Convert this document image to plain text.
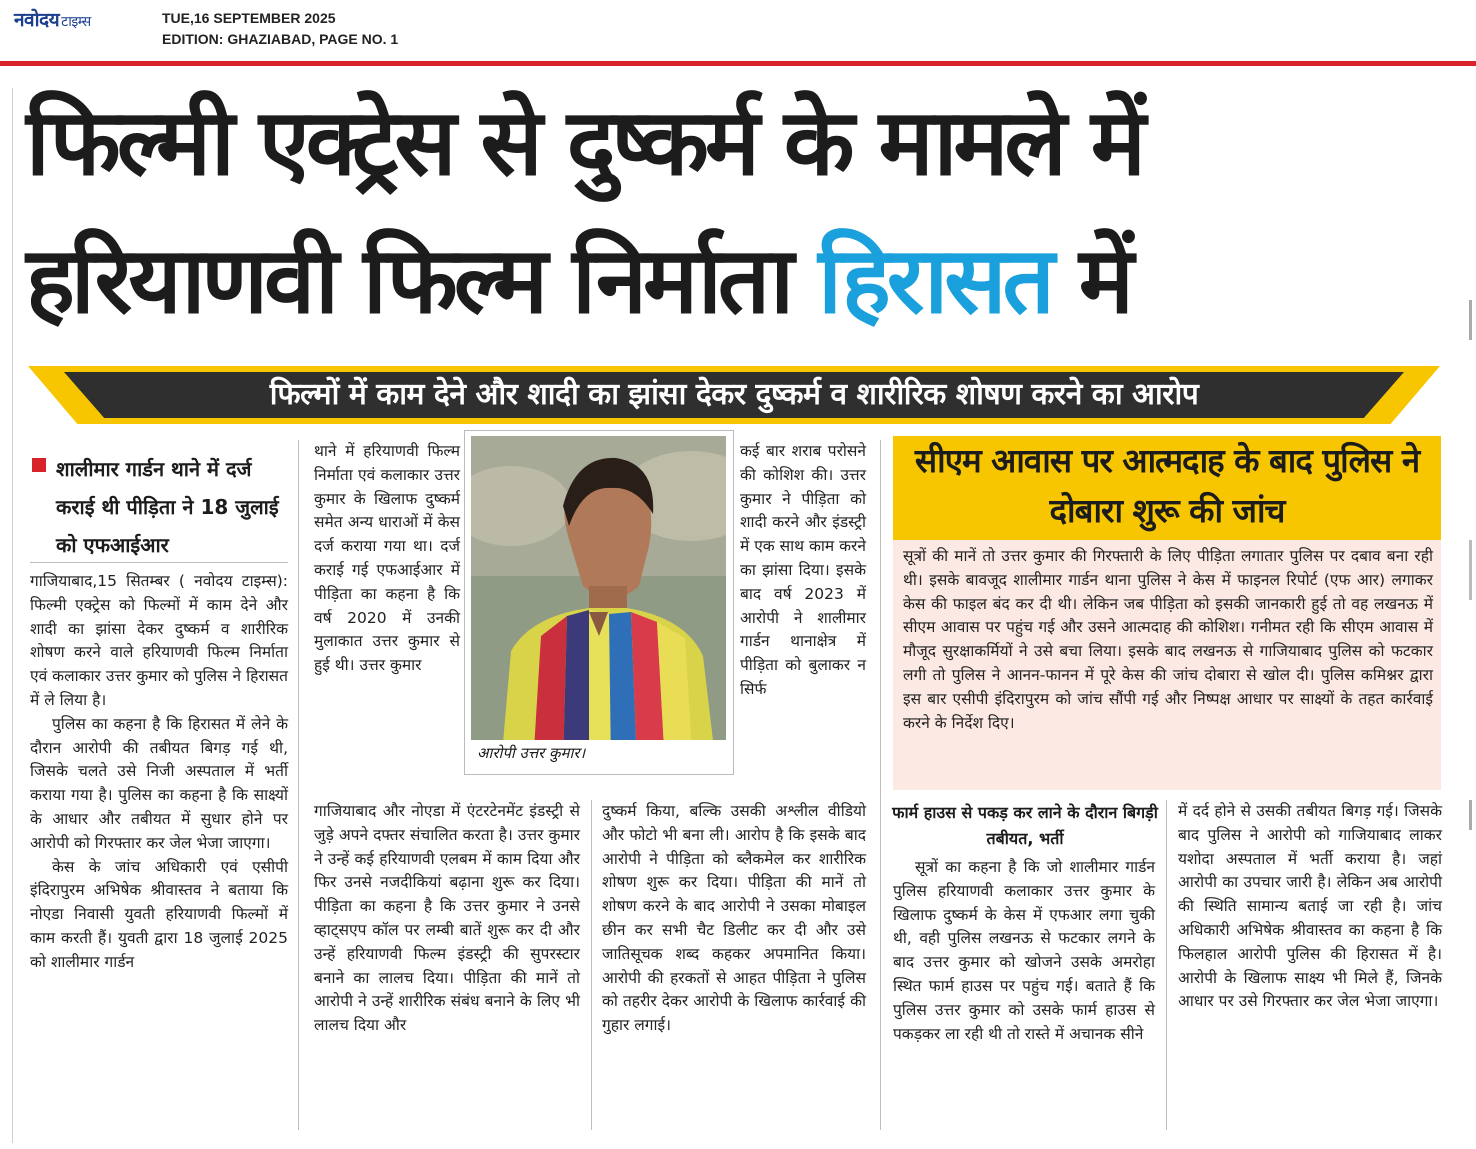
नवोदय टाइम्स	TUE,16 SEPTEMBER 2025
EDITION: GHAZIABAD, PAGE NO. 1
फिल्मी एक्ट्रेस से दुष्कर्म के मामले में
हरियाणवी फिल्म निर्माता हिरासत में
फिल्मों में काम देने और शादी का झांसा देकर दुष्कर्म व शारीरिक शोषण करने का आरोप
शालीमार गार्डन थाने में दर्ज कराई थी पीड़िता ने 18 जुलाई को एफआईआर

गाजियाबाद,15 सितम्बर ( नवोदय टाइम्स): फिल्मी एक्ट्रेस को फिल्मों में काम देने और शादी का झांसा देकर दुष्कर्म व शारीरिक शोषण करने वाले हरियाणवी फिल्म निर्माता एवं कलाकार उत्तर कुमार को पुलिस ने हिरासत में ले लिया है।

पुलिस का कहना है कि हिरासत में लेने के दौरान आरोपी की तबीयत बिगड़ गई थी, जिसके चलते उसे निजी अस्पताल में भर्ती कराया गया है। पुलिस का कहना है कि साक्ष्यों के आधार और तबीयत में सुधार होने पर आरोपी को गिरफ्तार कर जेल भेजा जाएगा।

केस के जांच अधिकारी एवं एसीपी इंदिरापुरम अभिषेक श्रीवास्तव ने बताया कि नोएडा निवासी युवती हरियाणवी फिल्मों में काम करती हैं। युवती द्वारा 18 जुलाई 2025 को शालीमार गार्डन

थाने में हरियाणवी फिल्म निर्माता एवं कलाकार उत्तर कुमार के खिलाफ दुष्कर्म समेत अन्य धाराओं में केस दर्ज कराया गया था। दर्ज कराई गई एफआईआर में पीड़िता का कहना है कि वर्ष 2020 में उनकी मुलाकात उत्तर कुमार से हुई थी। उत्तर कुमार

आरोपी उत्तर कुमार।

कई बार शराब परोसने की कोशिश की। उत्तर कुमार ने पीड़िता को शादी करने और इंडस्ट्री में एक साथ काम करने का झांसा दिया। इसके बाद वर्ष 2023 में आरोपी ने शालीमार गार्डन थानाक्षेत्र में पीड़िता को बुलाकर न सिर्फ

गाजियाबाद और नोएडा में एंटरटेनमेंट इंडस्ट्री से जुड़े अपने दफ्तर संचालित करता है। उत्तर कुमार ने उन्हें कई हरियाणवी एलबम में काम दिया और फिर उनसे नजदीकियां बढ़ाना शुरू कर दिया। पीड़िता का कहना है कि उत्तर कुमार ने उनसे व्हाट्सएप कॉल पर लम्बी बातें शुरू कर दी और उन्हें हरियाणवी फिल्म इंडस्ट्री की सुपरस्टार बनाने का लालच दिया। पीड़िता की मानें तो आरोपी ने उन्हें शारीरिक संबंध बनाने के लिए भी लालच दिया और

दुष्कर्म किया, बल्कि उसकी अश्लील वीडियो और फोटो भी बना ली। आरोप है कि इसके बाद आरोपी ने पीड़िता को ब्लैकमेल कर शारीरिक शोषण शुरू कर दिया। पीड़िता की मानें तो शोषण करने के बाद आरोपी ने उसका मोबाइल छीन कर सभी चैट डिलीट कर दी और उसे जातिसूचक शब्द कहकर अपमानित किया। आरोपी की हरकतों से आहत पीड़िता ने पुलिस को तहरीर देकर आरोपी के खिलाफ कार्रवाई की गुहार लगाई।

सीएम आवास पर आत्मदाह के बाद पुलिस ने दोबारा शुरू की जांच

सूत्रों की मानें तो उत्तर कुमार की गिरफ्तारी के लिए पीड़िता लगातार पुलिस पर दबाव बना रही थी। इसके बावजूद शालीमार गार्डन थाना पुलिस ने केस में फाइनल रिपोर्ट (एफ आर) लगाकर केस की फाइल बंद कर दी थी। लेकिन जब पीड़िता को इसकी जानकारी हुई तो वह लखनऊ में सीएम आवास पर पहुंच गई और उसने आत्मदाह की कोशिश। गनीमत रही कि सीएम आवास में मौजूद सुरक्षाकर्मियों ने उसे बचा लिया। इसके बाद लखनऊ से गाजियाबाद पुलिस को फटकार लगी तो पुलिस ने आनन-फानन में पूरे केस की जांच दोबारा से खोल दी। पुलिस कमिश्नर द्वारा इस बार एसीपी इंदिरापुरम को जांच सौंपी गई और निष्पक्ष आधार पर साक्ष्यों के तहत कार्रवाई करने के निर्देश दिए।

फार्म हाउस से पकड़ कर लाने के दौरान बिगड़ी तबीयत, भर्ती

सूत्रों का कहना है कि जो शालीमार गार्डन पुलिस हरियाणवी कलाकार उत्तर कुमार के खिलाफ दुष्कर्म के केस में एफआर लगा चुकी थी, वही पुलिस लखनऊ से फटकार लगने के बाद उत्तर कुमार को खोजने उसके अमरोहा स्थित फार्म हाउस पर पहुंच गई। बताते हैं कि पुलिस उत्तर कुमार को उसके फार्म हाउस से पकड़कर ला रही थी तो रास्ते में अचानक सीने

में दर्द होने से उसकी तबीयत बिगड़ गई। जिसके बाद पुलिस ने आरोपी को गाजियाबाद लाकर यशोदा अस्पताल में भर्ती कराया है। जहां आरोपी का उपचार जारी है। लेकिन अब आरोपी की स्थिति सामान्य बताई जा रही है। जांच अधिकारी अभिषेक श्रीवास्तव का कहना है कि फिलहाल आरोपी पुलिस की हिरासत में है। आरोपी के खिलाफ साक्ष्य भी मिले हैं, जिनके आधार पर उसे गिरफ्तार कर जेल भेजा जाएगा।
